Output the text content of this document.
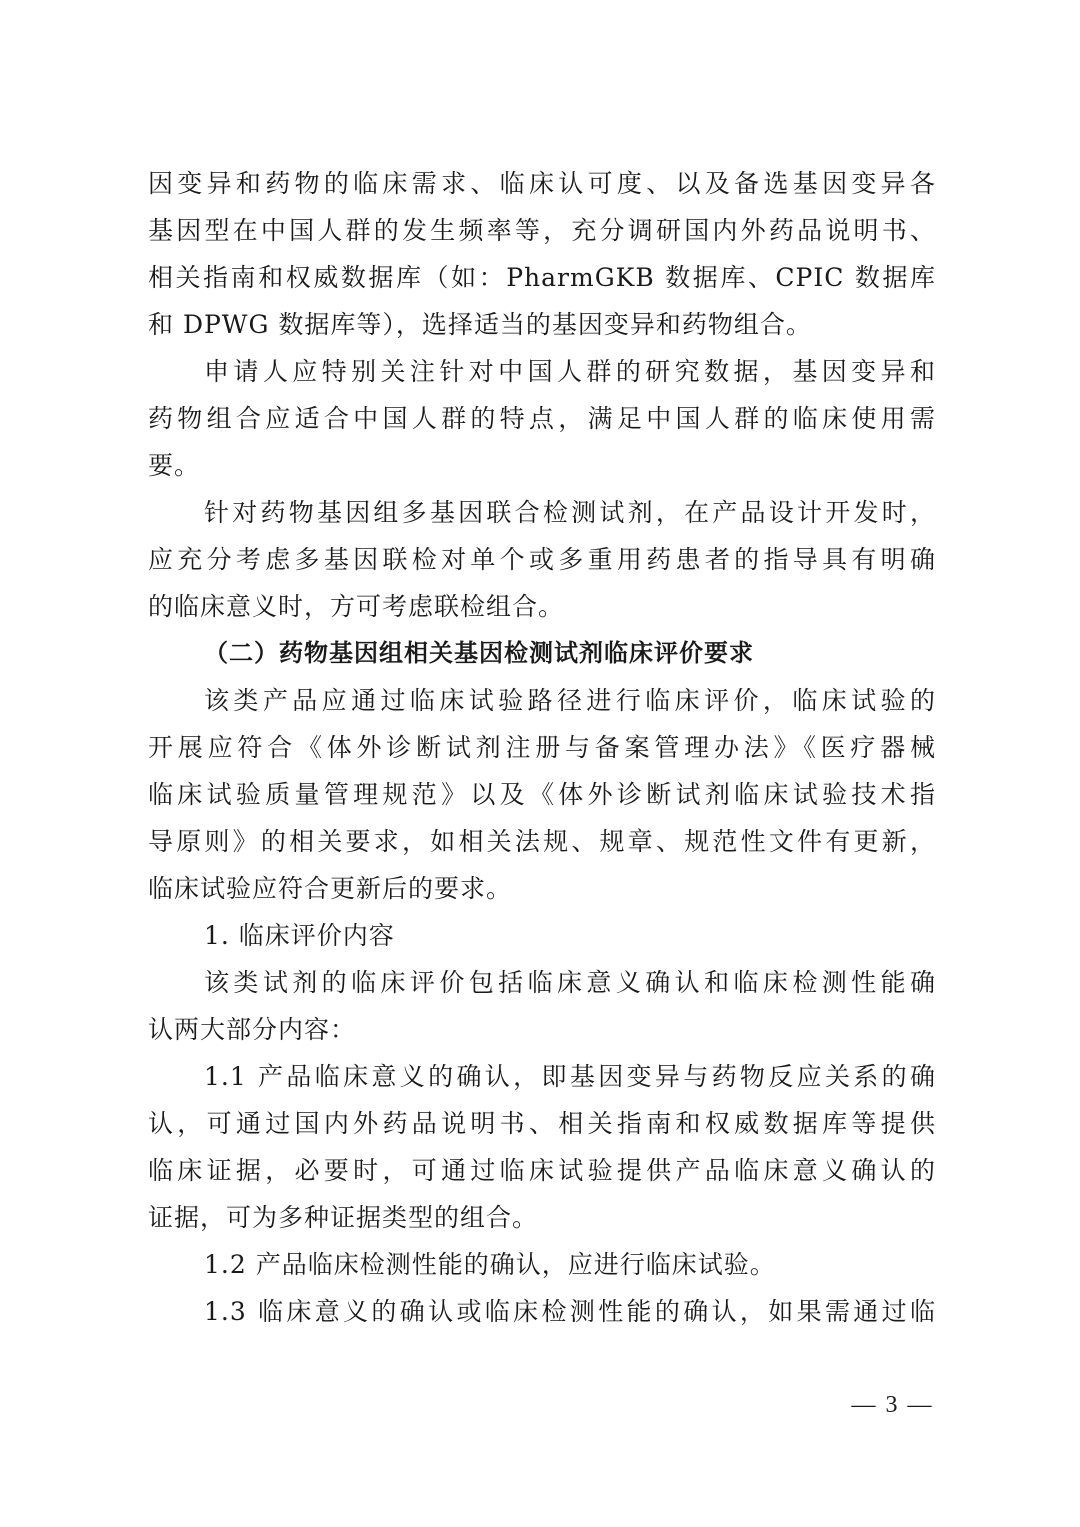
因变异和药物的临床需求、临床认可度、以及备选基因变异各
基因型在中国人群的发生频率等，充分调研国内外药品说明书、
相关指南和权威数据库（如：PharmGKB 数据库、CPIC 数据库
和 DPWG 数据库等），选择适当的基因变异和药物组合。
申请人应特别关注针对中国人群的研究数据，基因变异和
药物组合应适合中国人群的特点，满足中国人群的临床使用需
要。
针对药物基因组多基因联合检测试剂，在产品设计开发时，
应充分考虑多基因联检对单个或多重用药患者的指导具有明确
的临床意义时，方可考虑联检组合。
（二）药物基因组相关基因检测试剂临床评价要求
该类产品应通过临床试验路径进行临床评价，临床试验的
开展应符合《体外诊断试剂注册与备案管理办法》《医疗器械
临床试验质量管理规范》以及《体外诊断试剂临床试验技术指
导原则》的相关要求，如相关法规、规章、规范性文件有更新，
临床试验应符合更新后的要求。
1. 临床评价内容
该类试剂的临床评价包括临床意义确认和临床检测性能确
认两大部分内容：
1.1 产品临床意义的确认，即基因变异与药物反应关系的确
认，可通过国内外药品说明书、相关指南和权威数据库等提供
临床证据，必要时，可通过临床试验提供产品临床意义确认的
证据，可为多种证据类型的组合。
1.2 产品临床检测性能的确认，应进行临床试验。
1.3 临床意义的确认或临床检测性能的确认，如果需通过临
— 3 —
